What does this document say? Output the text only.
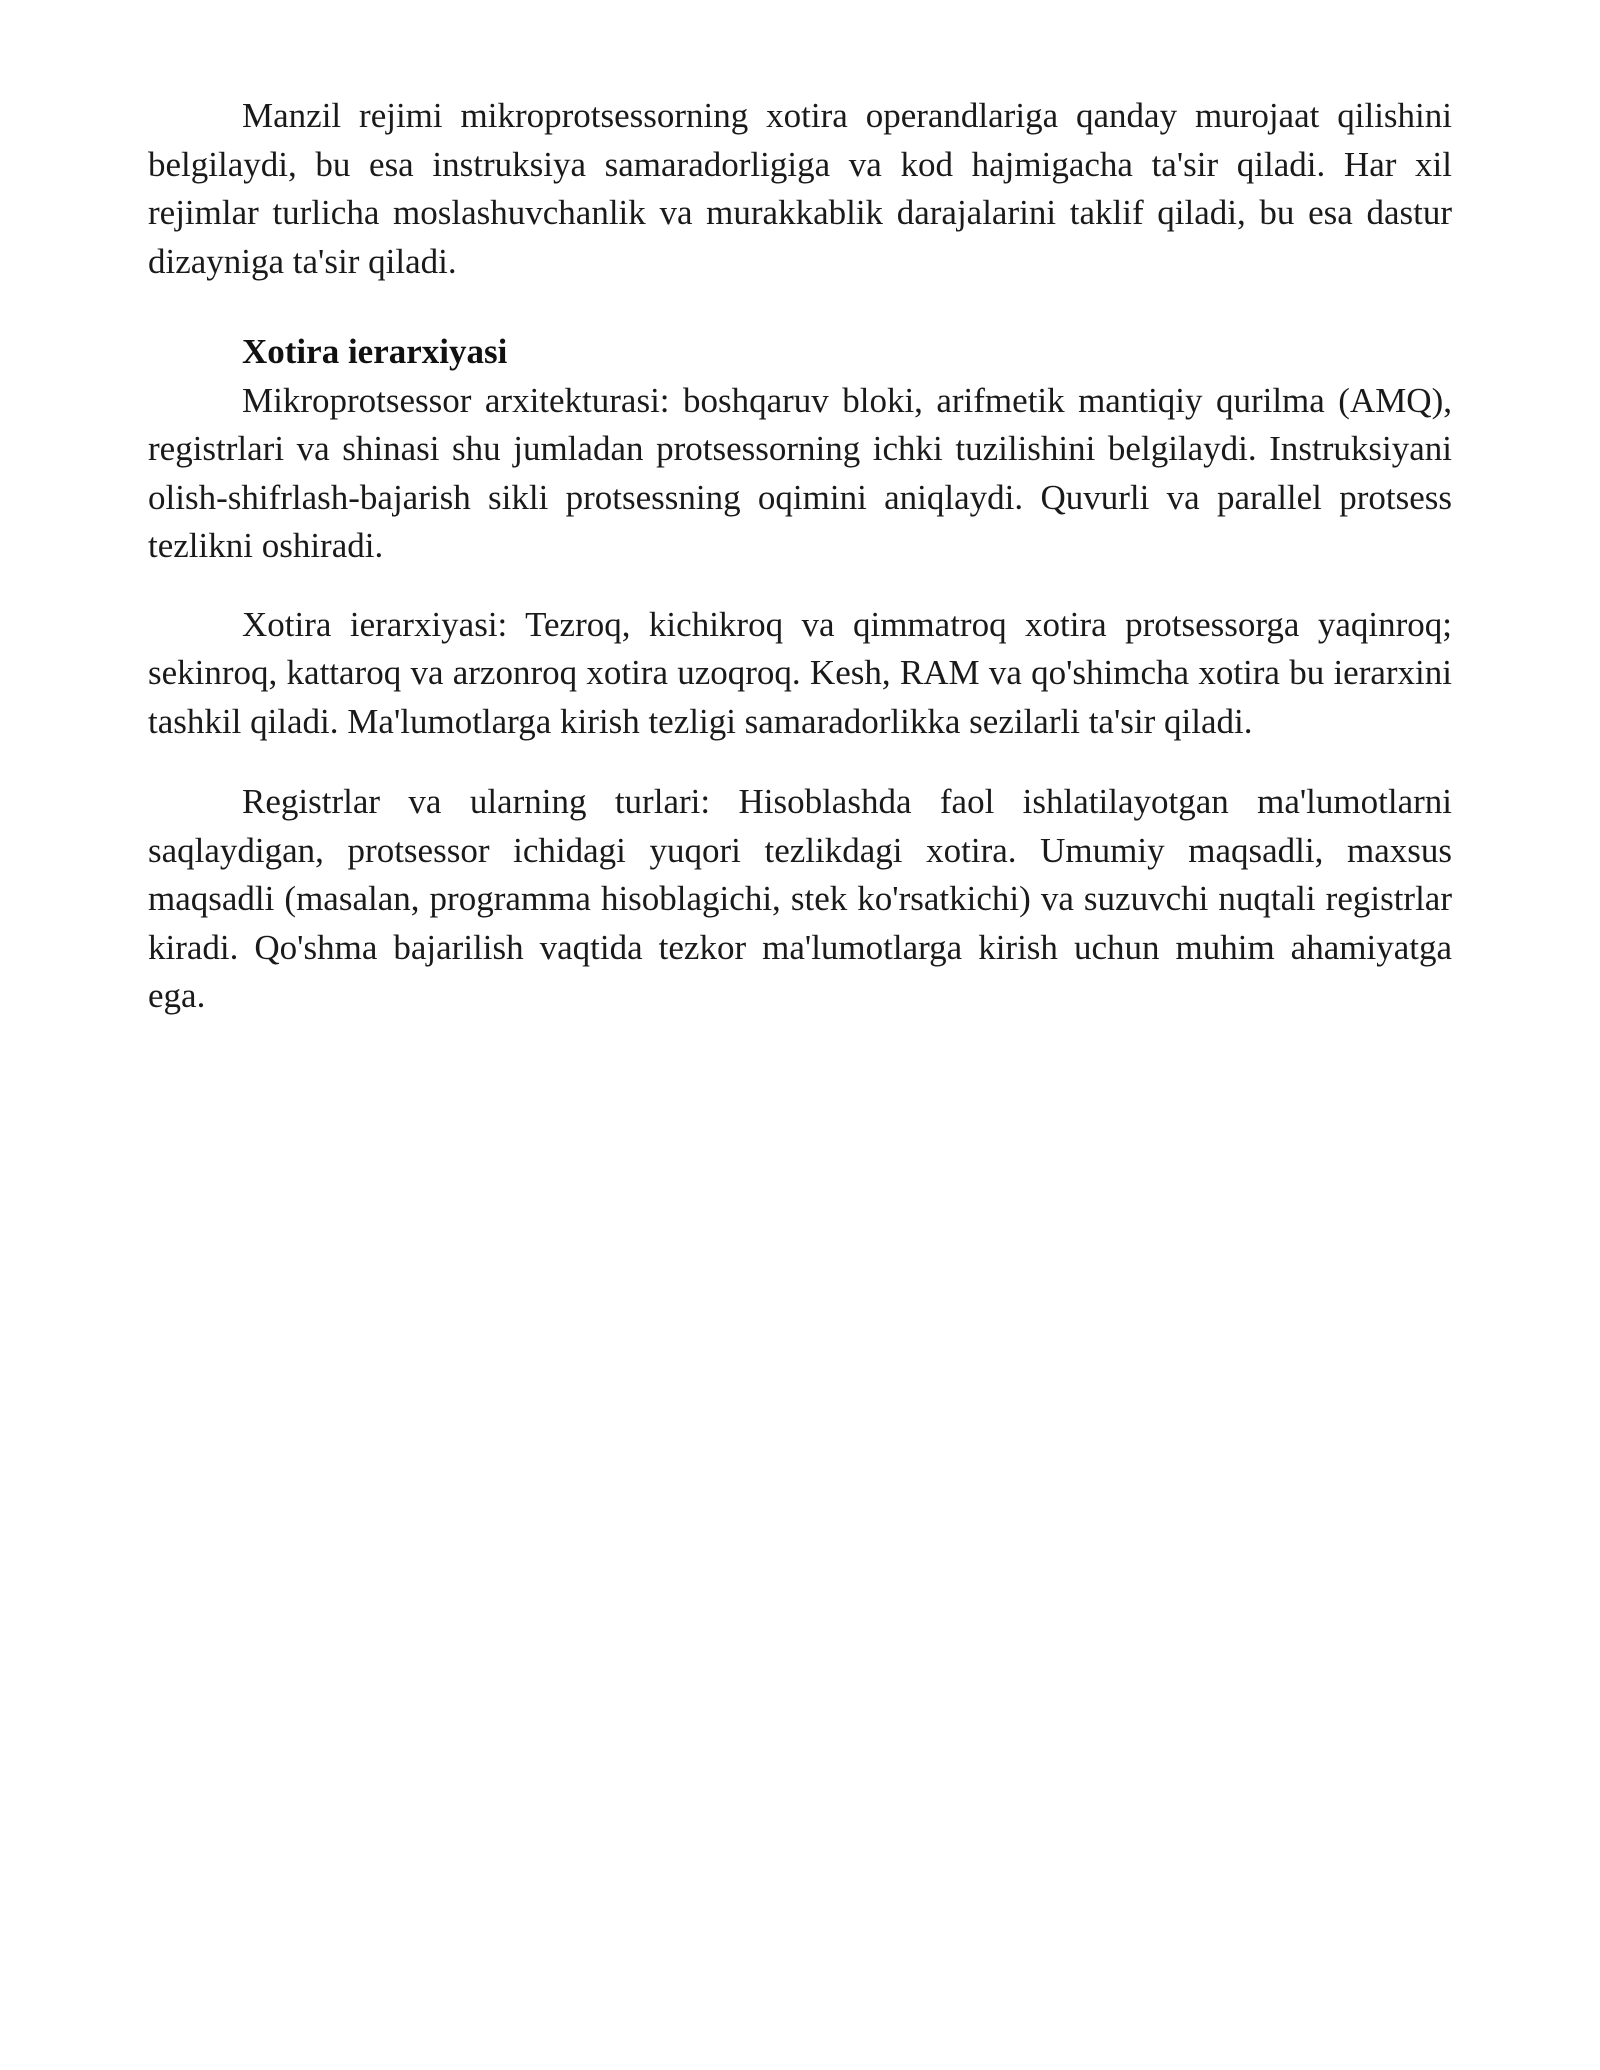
Manzil rejimi mikroprotsessorning xotira operandlariga qanday murojaat qilishini belgilaydi, bu esa instruksiya samaradorligiga va kod hajmigacha ta'sir qiladi. Har xil rejimlar turlicha moslashuvchanlik va murakkablik darajalarini taklif qiladi, bu esa dastur dizayniga ta'sir qiladi.

Xotira ierarxiyasi

Mikroprotsessor arxitekturasi: boshqaruv bloki, arifmetik mantiqiy qurilma (AMQ), registrlari va shinasi shu jumladan protsessorning ichki tuzilishini belgilaydi. Instruksiyani olish-shifrlash-bajarish sikli protsessning oqimini aniqlaydi. Quvurli va parallel protsess tezlikni oshiradi.

Xotira ierarxiyasi: Tezroq, kichikroq va qimmatroq xotira protsessorga yaqinroq; sekinroq, kattaroq va arzonroq xotira uzoqroq. Kesh, RAM va qo'shimcha xotira bu ierarxini tashkil qiladi. Ma'lumotlarga kirish tezligi samaradorlikka sezilarli ta'sir qiladi.

Registrlar va ularning turlari: Hisoblashda faol ishlatilayotgan ma'lumotlarni saqlaydigan, protsessor ichidagi yuqori tezlikdagi xotira. Umumiy maqsadli, maxsus maqsadli (masalan, programma hisoblagichi, stek ko'rsatkichi) va suzuvchi nuqtali registrlar kiradi. Qo'shma bajarilish vaqtida tezkor ma'lumotlarga kirish uchun muhim ahamiyatga ega.
